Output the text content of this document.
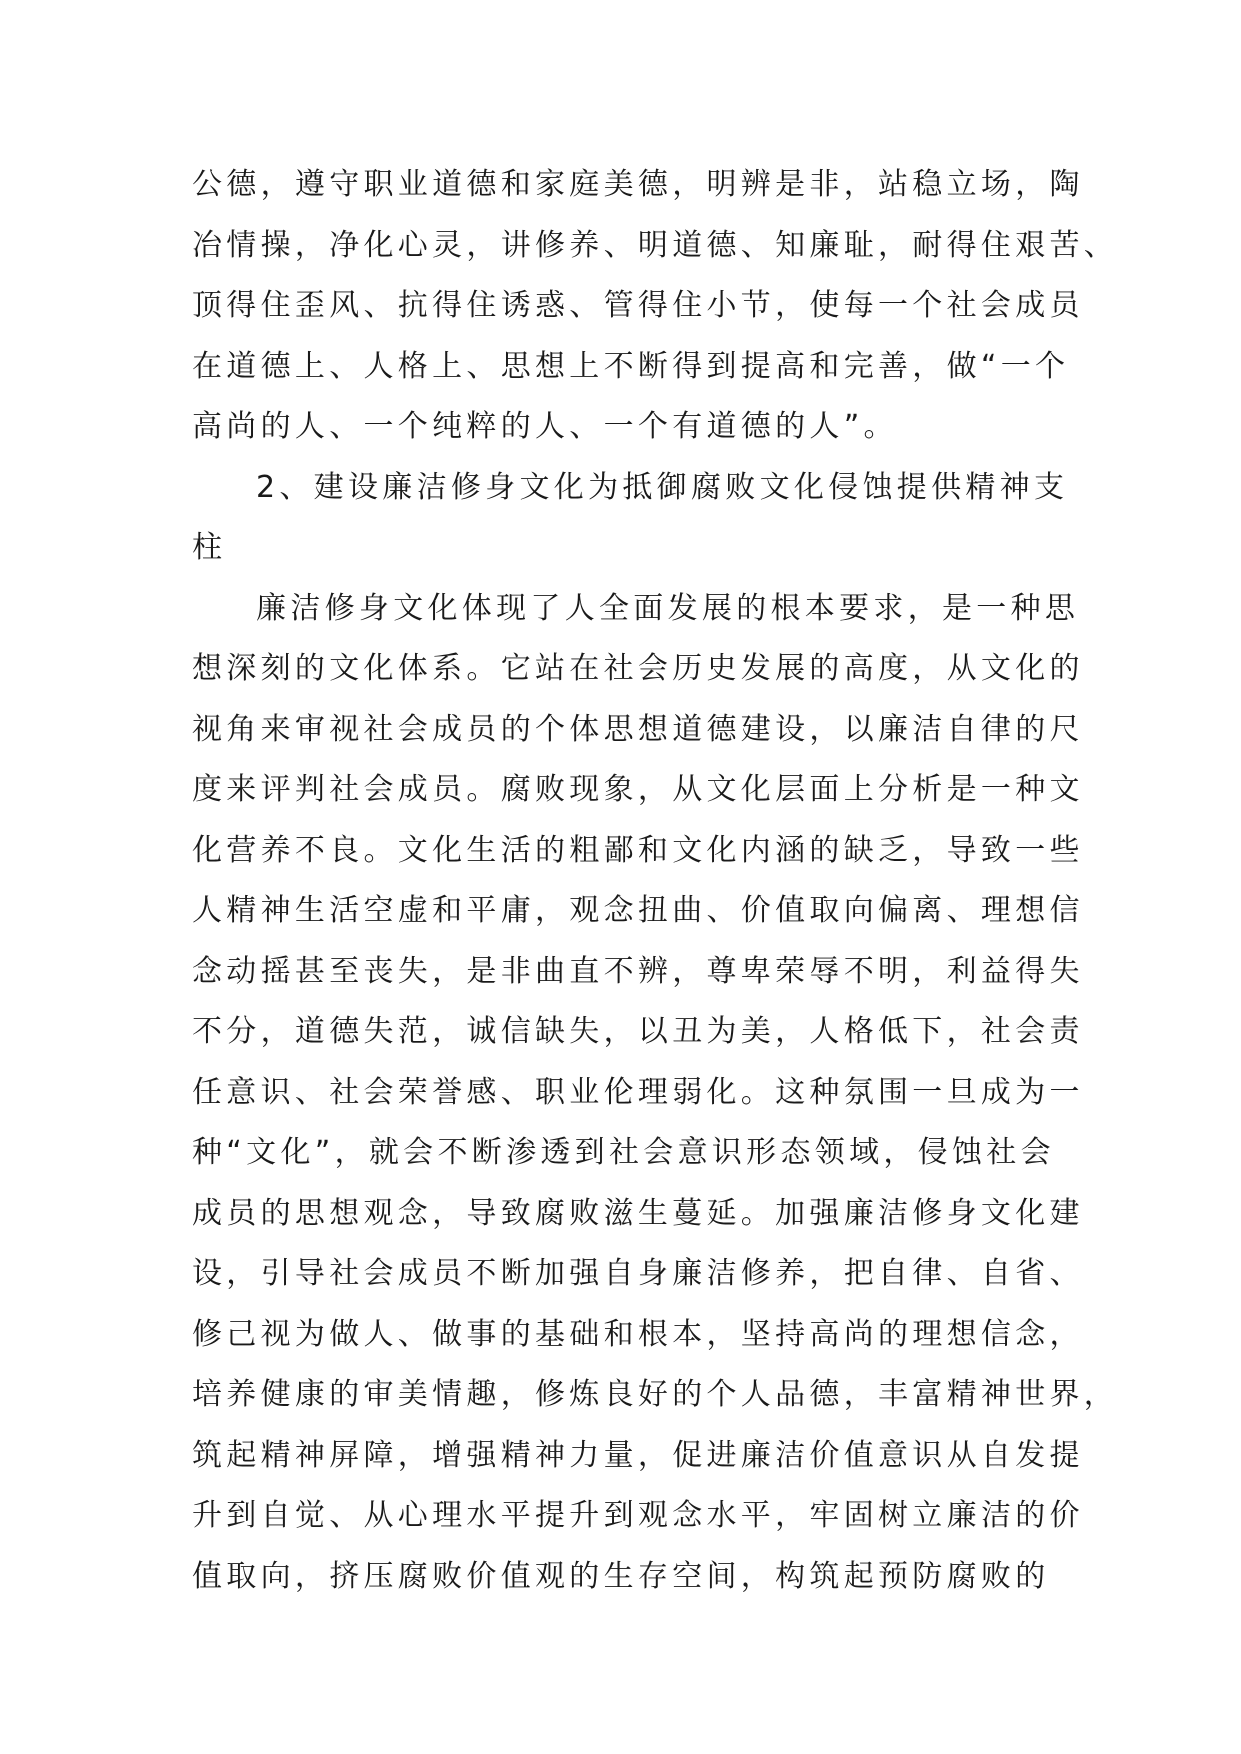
公德，遵守职业道德和家庭美德，明辨是非，站稳立场，陶
冶情操，净化心灵，讲修养、明道德、知廉耻，耐得住艰苦、
顶得住歪风、抗得住诱惑、管得住小节，使每一个社会成员
在道德上、人格上、思想上不断得到提高和完善，做“一个
高尚的人、一个纯粹的人、一个有道德的人”。
2、建设廉洁修身文化为抵御腐败文化侵蚀提供精神支
柱
廉洁修身文化体现了人全面发展的根本要求，是一种思
想深刻的文化体系。它站在社会历史发展的高度，从文化的
视角来审视社会成员的个体思想道德建设，以廉洁自律的尺
度来评判社会成员。腐败现象，从文化层面上分析是一种文
化营养不良。文化生活的粗鄙和文化内涵的缺乏，导致一些
人精神生活空虚和平庸，观念扭曲、价值取向偏离、理想信
念动摇甚至丧失，是非曲直不辨，尊卑荣辱不明，利益得失
不分，道德失范，诚信缺失，以丑为美，人格低下，社会责
任意识、社会荣誉感、职业伦理弱化。这种氛围一旦成为一
种“文化”，就会不断渗透到社会意识形态领域，侵蚀社会
成员的思想观念，导致腐败滋生蔓延。加强廉洁修身文化建
设，引导社会成员不断加强自身廉洁修养，把自律、自省、
修己视为做人、做事的基础和根本，坚持高尚的理想信念，
培养健康的审美情趣，修炼良好的个人品德，丰富精神世界，
筑起精神屏障，增强精神力量，促进廉洁价值意识从自发提
升到自觉、从心理水平提升到观念水平，牢固树立廉洁的价
值取向，挤压腐败价值观的生存空间，构筑起预防腐败的
